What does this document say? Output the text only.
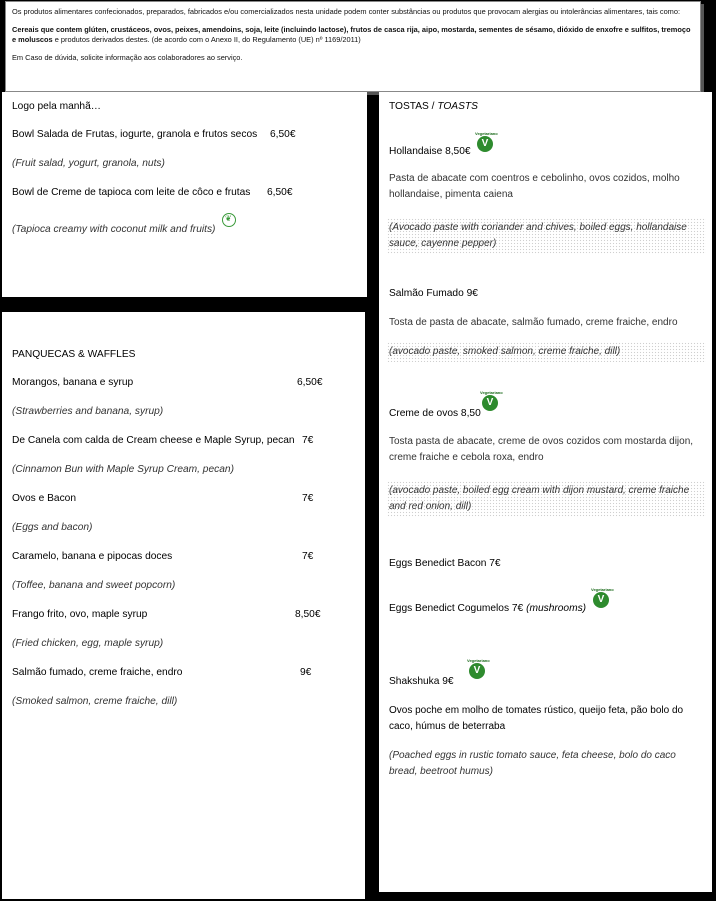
Os produtos alimentares confecionados, preparados, fabricados e/ou comercializados nesta unidade podem conter substâncias ou produtos que provocam alergias ou intolerâncias alimentares, tais como:

Cereais que contem glúten, crustáceos, ovos, peixes, amendoins, soja, leite (incluindo lactose), frutos de casca rija, aipo, mostarda, sementes de sésamo, dióxido de enxofre e sulfitos, tremoço e moluscos e produtos derivados destes. (de acordo com o Anexo II, do Regulamento (UE) nº 1169/2011)

Em Caso de dúvida, solicite informação aos colaboradores ao serviço.

Logo pela manhã…
Bowl Salada de Frutas, iogurte, granola e frutos secos 6,50€
(Fruit salad, yogurt, granola, nuts)
Bowl de Creme de tapioca com leite de côco e frutas 6,50€
(Tapioca creamy with coconut milk and fruits)
❦
PANQUECAS & WAFFLES
Morangos, banana e syrup	6,50€
(Strawberries and banana, syrup)
De Canela com calda de Cream cheese e Maple Syrup, pecan 7€
(Cinnamon Bun with Maple Syrup Cream, pecan)
Ovos e Bacon	7€
(Eggs and bacon)
Caramelo, banana e pipocas doces	7€
(Toffee, banana and sweet popcorn)
Frango frito, ovo, maple syrup	8,50€
(Fried chicken, egg, maple syrup)
Salmão fumado, creme fraiche, endro	9€
(Smoked salmon, creme fraiche, dill)
TOSTAS / TOASTS
Hollandaise 8,50€
Vegetariano
V
Pasta de abacate com coentros e cebolinho, ovos cozidos, molho hollandaise, pimenta caiena
(Avocado paste with coriander and chives, boiled eggs, hollandaise sauce, cayenne pepper)
Salmão Fumado 9€
Tosta de pasta de abacate, salmão fumado, creme fraiche, endro
(avocado paste, smoked salmon, creme fraiche, dill)
Creme de ovos 8,50
Vegetariano
V
Tosta pasta de abacate, creme de ovos cozidos com mostarda dijon, creme fraiche e cebola roxa, endro
(avocado paste, boiled egg cream with dijon mustard, creme fraiche and red onion, dill)
Eggs Benedict Bacon 7€
Eggs Benedict Cogumelos 7€ (mushrooms)
Vegetariano
V
Shakshuka 9€
Vegetariano
V
Ovos poche em molho de tomates rústico, queijo feta, pão bolo do caco, húmus de beterraba
(Poached eggs in rustic tomato sauce, feta cheese, bolo do caco bread, beetroot humus)
